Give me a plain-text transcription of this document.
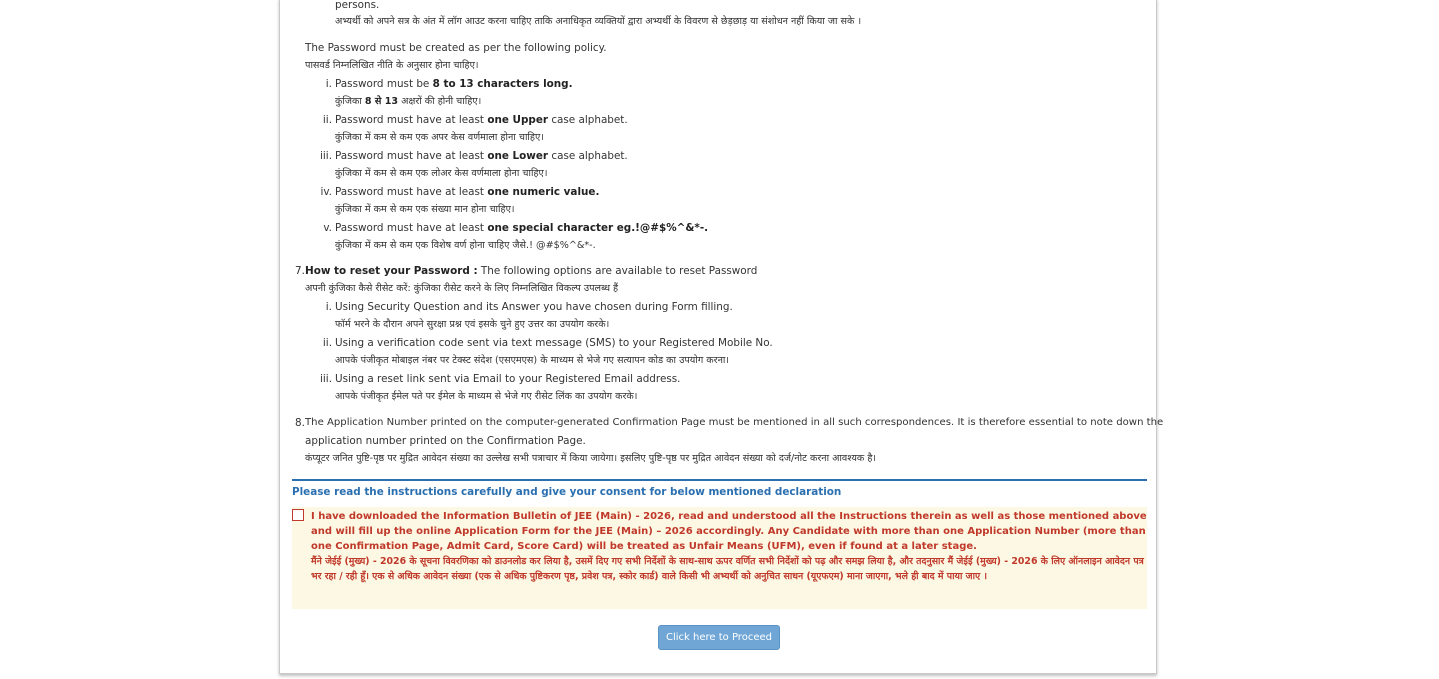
persons.
अभ्यर्थी को अपने सत्र के अंत में लॉग आउट करना चाहिए ताकि अनाधिकृत व्यक्तियों द्वारा अभ्यर्थी के विवरण से छेड़छाड़ या संशोधन नहीं किया जा सके ।
The Password must be created as per the following policy.
पासवर्ड निम्नलिखित नीति के अनुसार होना चाहिए।
i. Password must be 8 to 13 characters long.
कुंजिका 8 से 13 अक्षरों की होनी चाहिए।
ii. Password must have at least one Upper case alphabet.
कुंजिका में कम से कम एक अपर केस वर्णमाला होना चाहिए।
iii. Password must have at least one Lower case alphabet.
कुंजिका में कम से कम एक लोअर केस वर्णमाला होना चाहिए।
iv. Password must have at least one numeric value.
कुंजिका में कम से कम एक संख्या मान होना चाहिए।
v. Password must have at least one special character eg.!@#$%^&*-.
कुंजिका में कम से कम एक विशेष वर्ण होना चाहिए जैसे.! @#$%^&*-.
7. How to reset your Password : The following options are available to reset Password
अपनी कुंजिका कैसे रीसेट करें: कुंजिका रीसेट करने के लिए निम्नलिखित विकल्प उपलब्ध हैं
i. Using Security Question and its Answer you have chosen during Form filling.
फॉर्म भरने के दौरान अपने सुरक्षा प्रश्न एवं इसके चुने हुए उत्तर का उपयोग करके।
ii. Using a verification code sent via text message (SMS) to your Registered Mobile No.
आपके पंजीकृत मोबाइल नंबर पर टेक्स्ट संदेश (एसएमएस) के माध्यम से भेजे गए सत्यापन कोड का उपयोग करना।
iii. Using a reset link sent via Email to your Registered Email address.
आपके पंजीकृत ईमेल पते पर ईमेल के माध्यम से भेजे गए रीसेट लिंक का उपयोग करके।
8. The Application Number printed on the computer-generated Confirmation Page must be mentioned in all such correspondences. It is therefore essential to note down the
application number printed on the Confirmation Page.
कंप्यूटर जनित पुष्टि-पृष्ठ पर मुद्रित आवेदन संख्या का उल्लेख सभी पत्राचार में किया जायेगा। इसलिए पुष्टि-पृष्ठ पर मुद्रित आवेदन संख्या को दर्ज/नोट करना आवश्यक है।
Please read the instructions carefully and give your consent for below mentioned declaration

I have downloaded the Information Bulletin of JEE (Main) - 2026, read and understood all the Instructions therein as well as those mentioned above and will fill up the online Application Form for the JEE (Main) – 2026 accordingly. Any Candidate with more than one Application Number (more than one Confirmation Page, Admit Card, Score Card) will be treated as Unfair Means (UFM), even if found at a later stage.

मैंने जेईई (मुख्य) - 2026 के सूचना विवरणिका को डाउनलोड कर लिया है, उसमें दिए गए सभी निर्देशों के साथ-साथ ऊपर वर्णित सभी निर्देशों को पढ़ और समझ लिया है, और तदनुसार मैं जेईई (मुख्य) - 2026 के लिए ऑनलाइन आवेदन पत्र भर रहा / रही हूँ। एक से अधिक आवेदन संख्या (एक से अधिक पुष्टिकरण पृष्ठ, प्रवेश पत्र, स्कोर कार्ड) वाले किसी भी अभ्यर्थी को अनुचित साधन (यूएफएम) माना जाएगा, भले ही बाद में पाया जाए ।

Click here to Proceed
